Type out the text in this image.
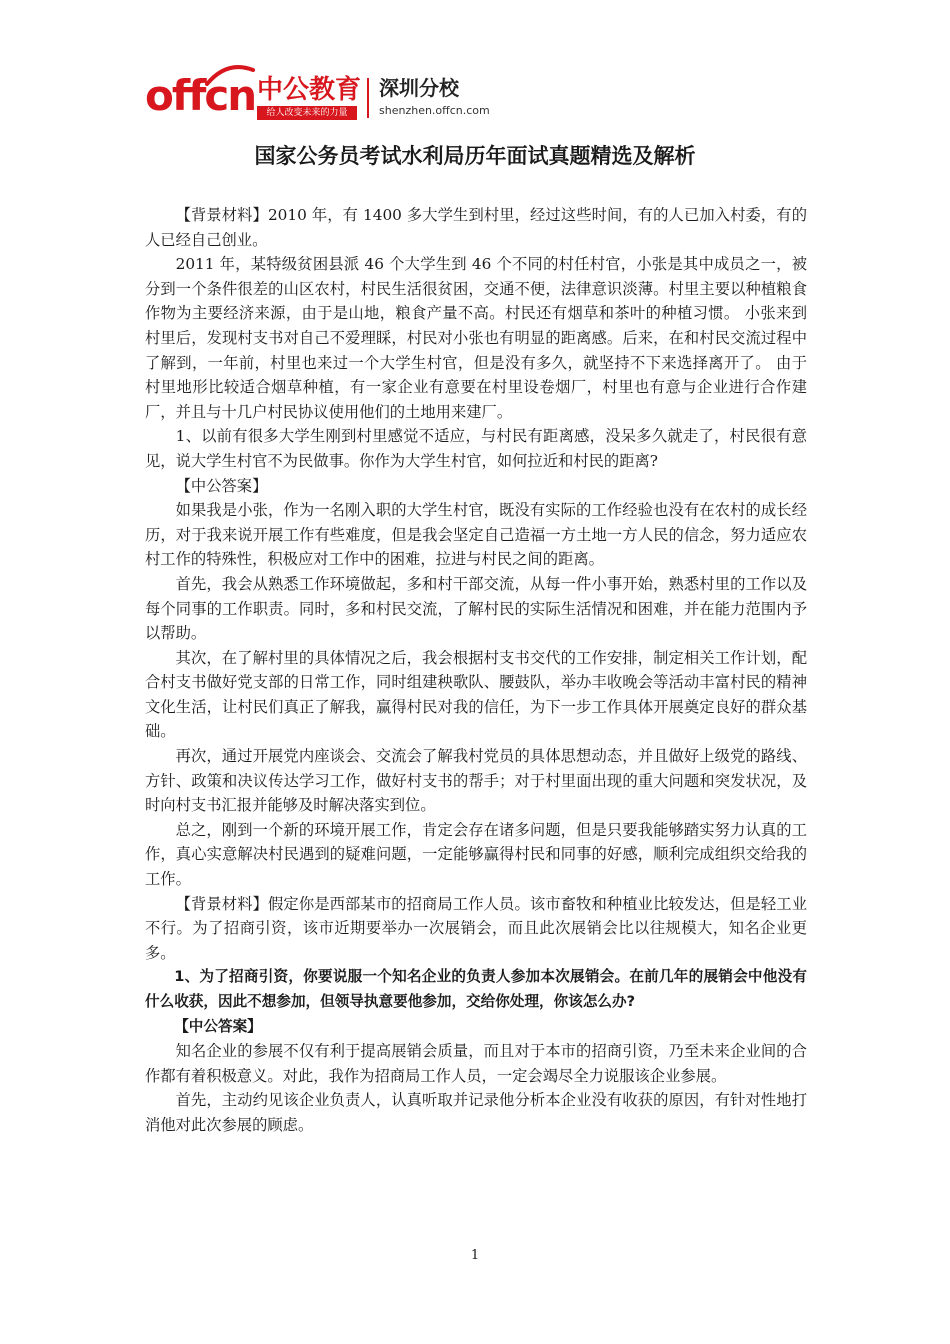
offcn 中公教育
给人改变未来的力量
深圳分校
shenzhen.offcn.com
国家公务员考试水利局历年面试真题精选及解析

【背景材料】2010 年，有 1400 多大学生到村里，经过这些时间，有的人已加入村委，有的人已经自己创业。

2011 年，某特级贫困县派 46 个大学生到 46 个不同的村任村官，小张是其中成员之一，被分到一个条件很差的山区农村，村民生活很贫困，交通不便，法律意识淡薄。村里主要以种植粮食作物为主要经济来源，由于是山地，粮食产量不高。村民还有烟草和茶叶的种植习惯。 小张来到村里后，发现村支书对自己不爱理睬，村民对小张也有明显的距离感。后来，在和村民交流过程中了解到，一年前，村里也来过一个大学生村官，但是没有多久，就坚持不下来选择离开了。 由于村里地形比较适合烟草种植，有一家企业有意要在村里设卷烟厂，村里也有意与企业进行合作建厂，并且与十几户村民协议使用他们的土地用来建厂。

1、以前有很多大学生刚到村里感觉不适应，与村民有距离感，没呆多久就走了，村民很有意见，说大学生村官不为民做事。你作为大学生村官，如何拉近和村民的距离?

【中公答案】

如果我是小张，作为一名刚入职的大学生村官，既没有实际的工作经验也没有在农村的成长经历，对于我来说开展工作有些难度，但是我会坚定自己造福一方土地一方人民的信念，努力适应农村工作的特殊性，积极应对工作中的困难，拉进与村民之间的距离。

首先，我会从熟悉工作环境做起，多和村干部交流，从每一件小事开始，熟悉村里的工作以及每个同事的工作职责。同时，多和村民交流，了解村民的实际生活情况和困难，并在能力范围内予以帮助。

其次，在了解村里的具体情况之后，我会根据村支书交代的工作安排，制定相关工作计划，配合村支书做好党支部的日常工作，同时组建秧歌队、腰鼓队，举办丰收晚会等活动丰富村民的精神文化生活，让村民们真正了解我，赢得村民对我的信任，为下一步工作具体开展奠定良好的群众基础。

再次，通过开展党内座谈会、交流会了解我村党员的具体思想动态，并且做好上级党的路线、方针、政策和决议传达学习工作，做好村支书的帮手；对于村里面出现的重大问题和突发状况，及时向村支书汇报并能够及时解决落实到位。

总之，刚到一个新的环境开展工作，肯定会存在诸多问题，但是只要我能够踏实努力认真的工作，真心实意解决村民遇到的疑难问题，一定能够赢得村民和同事的好感，顺利完成组织交给我的工作。

【背景材料】假定你是西部某市的招商局工作人员。该市畜牧和种植业比较发达，但是轻工业不行。为了招商引资，该市近期要举办一次展销会，而且此次展销会比以往规模大，知名企业更多。

1、为了招商引资，你要说服一个知名企业的负责人参加本次展销会。在前几年的展销会中他没有什么收获，因此不想参加，但领导执意要他参加，交给你处理，你该怎么办?

【中公答案】

知名企业的参展不仅有利于提高展销会质量，而且对于本市的招商引资，乃至未来企业间的合作都有着积极意义。对此，我作为招商局工作人员，一定会竭尽全力说服该企业参展。

首先，主动约见该企业负责人，认真听取并记录他分析本企业没有收获的原因，有针对性地打消他对此次参展的顾虑。

1
